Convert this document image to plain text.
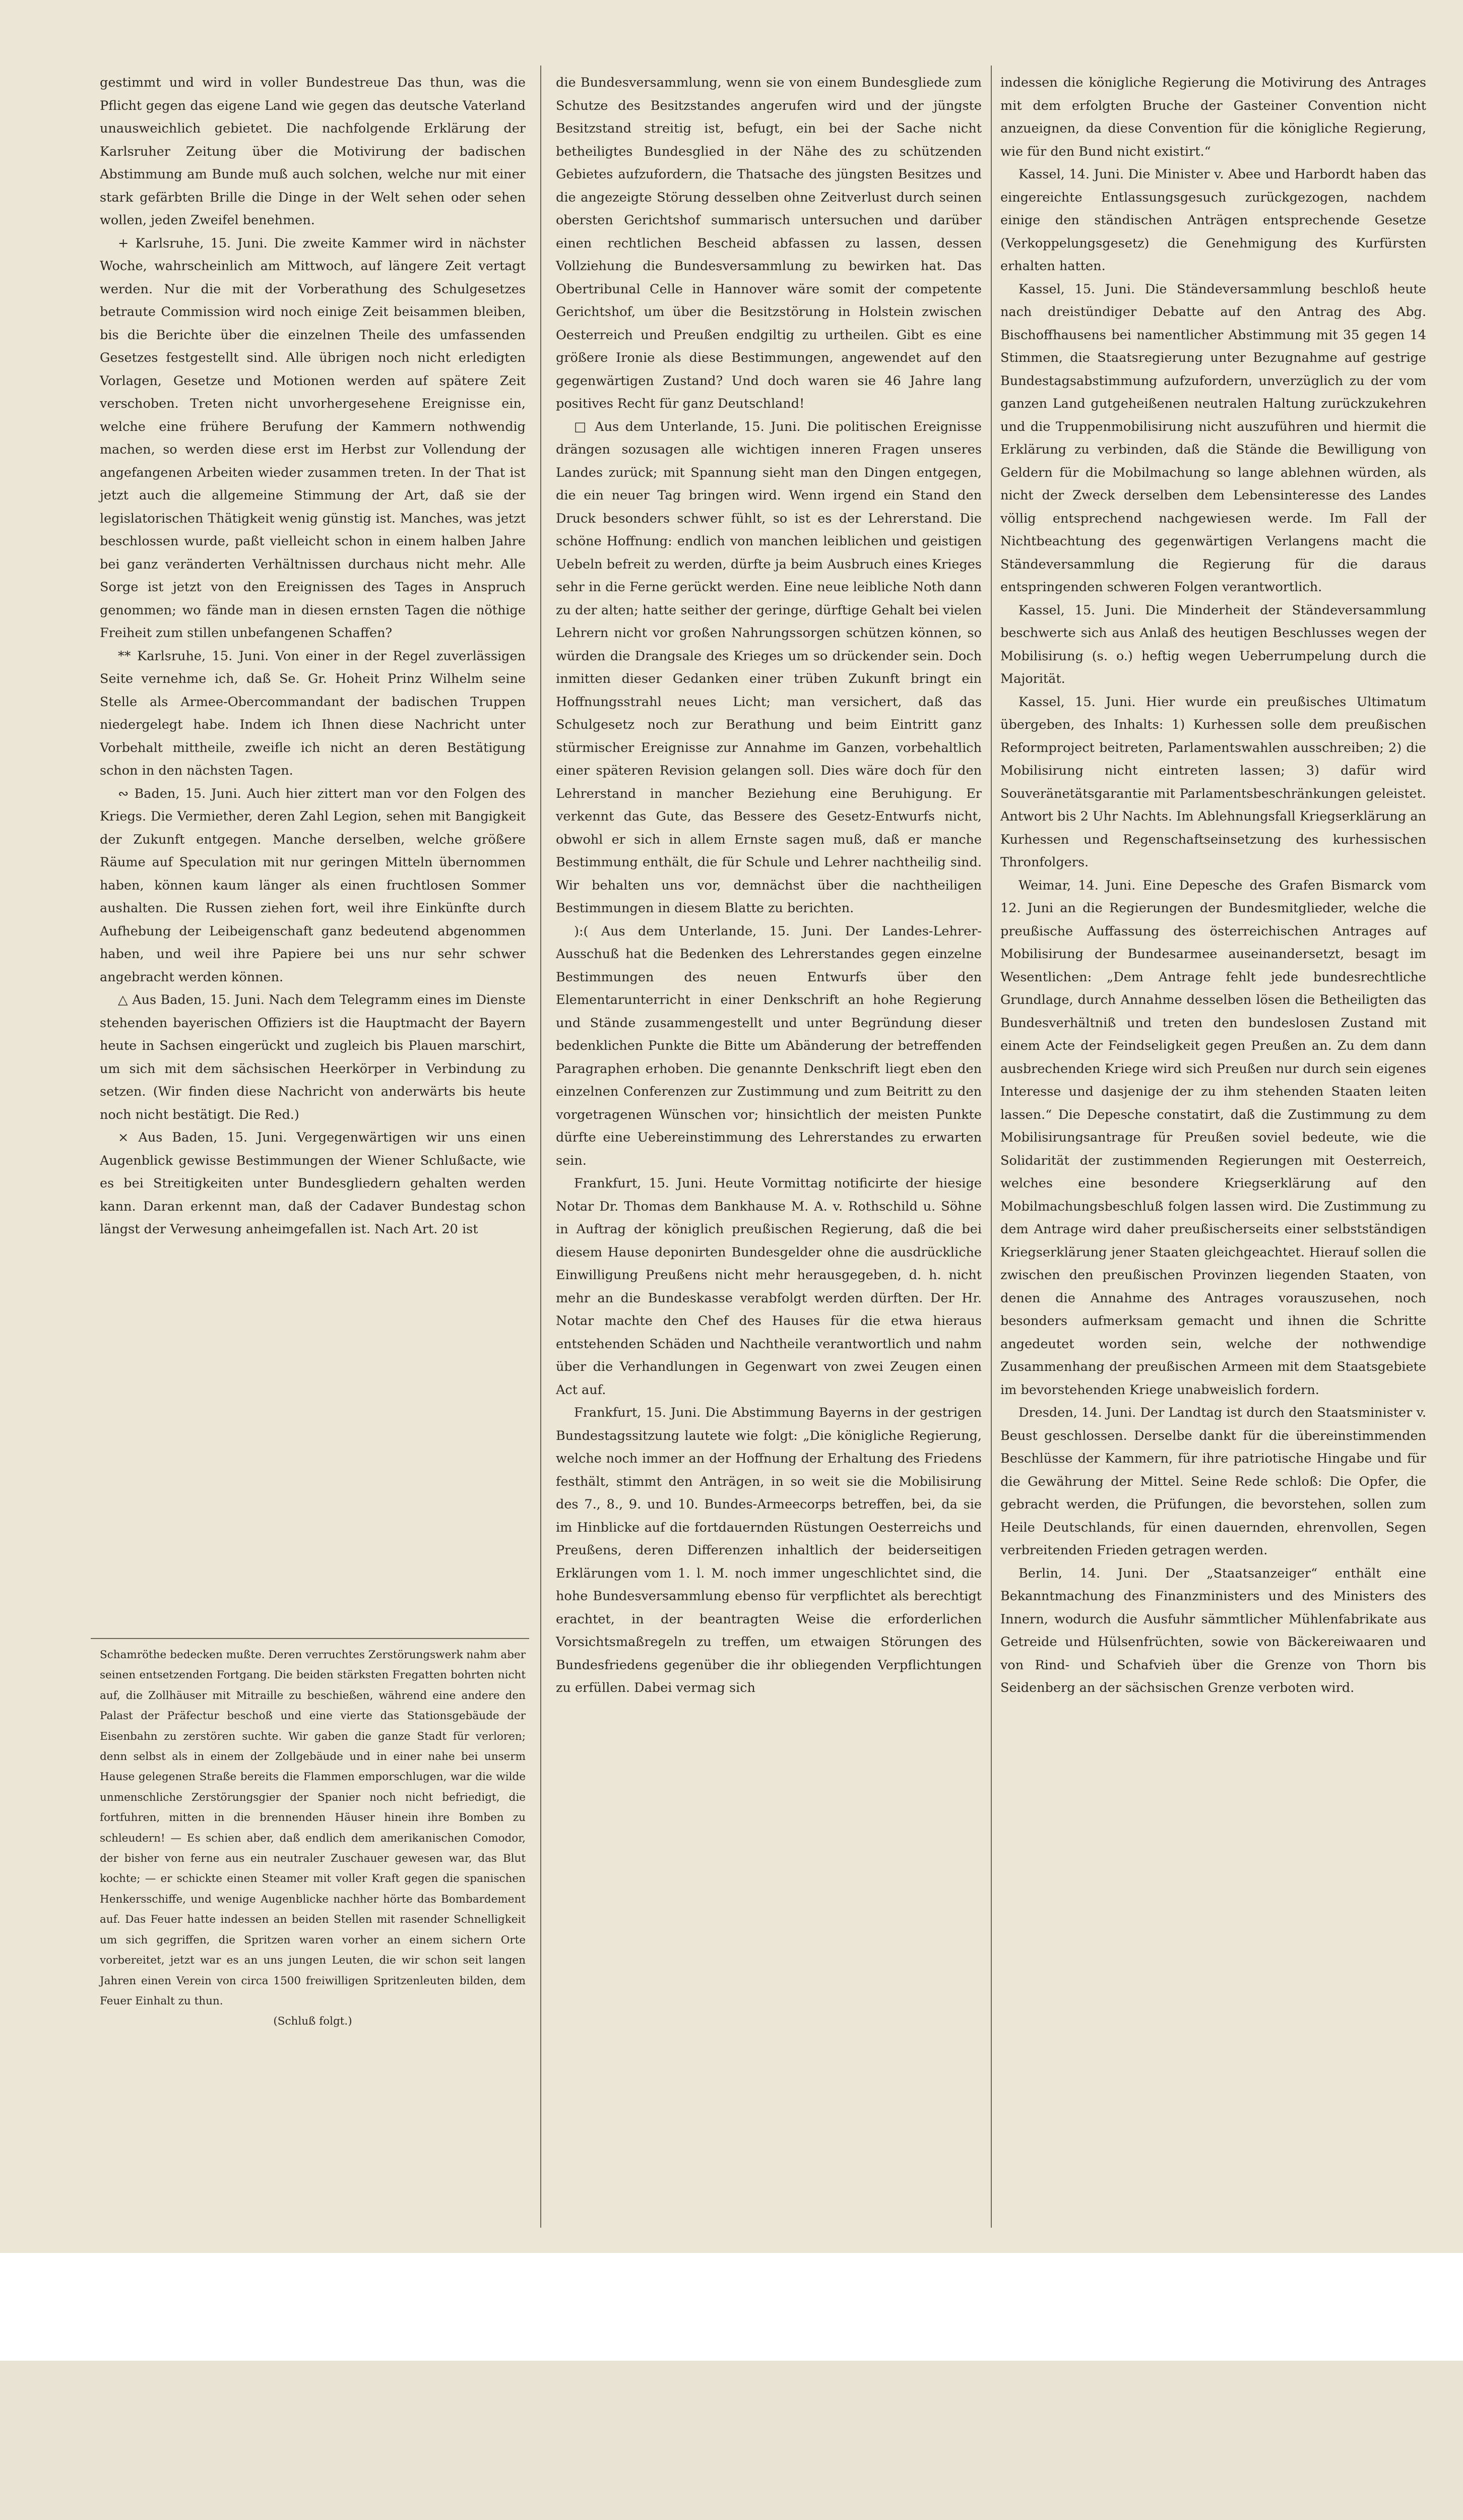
gestimmt und wird in voller Bundestreue Das thun, was die Pflicht gegen das eigene Land wie gegen das deutsche Vaterland unausweichlich gebietet. Die nachfolgende Erklärung der Karlsruher Zeitung über die Motivirung der badischen Abstimmung am Bunde muß auch solchen, welche nur mit einer stark gefärbten Brille die Dinge in der Welt sehen oder sehen wollen, jeden Zweifel benehmen.

+ Karlsruhe, 15. Juni. Die zweite Kammer wird in nächster Woche, wahrscheinlich am Mittwoch, auf längere Zeit vertagt werden. Nur die mit der Vorberathung des Schulgesetzes betraute Commission wird noch einige Zeit beisammen bleiben, bis die Berichte über die einzelnen Theile des umfassenden Gesetzes festgestellt sind. Alle übrigen noch nicht erledigten Vorlagen, Gesetze und Motionen werden auf spätere Zeit verschoben. Treten nicht unvorhergesehene Ereignisse ein, welche eine frühere Berufung der Kammern nothwendig machen, so werden diese erst im Herbst zur Vollendung der angefangenen Arbeiten wieder zusammen treten. In der That ist jetzt auch die allgemeine Stimmung der Art, daß sie der legislatorischen Thätigkeit wenig günstig ist. Manches, was jetzt beschlossen wurde, paßt vielleicht schon in einem halben Jahre bei ganz veränderten Verhältnissen durchaus nicht mehr. Alle Sorge ist jetzt von den Ereignissen des Tages in Anspruch genommen; wo fände man in diesen ernsten Tagen die nöthige Freiheit zum stillen unbefangenen Schaffen?

** Karlsruhe, 15. Juni. Von einer in der Regel zuverlässigen Seite vernehme ich, daß Se. Gr. Hoheit Prinz Wilhelm seine Stelle als Armee-Obercommandant der badischen Truppen niedergelegt habe. Indem ich Ihnen diese Nachricht unter Vorbehalt mittheile, zweifle ich nicht an deren Bestätigung schon in den nächsten Tagen.

∾ Baden, 15. Juni. Auch hier zittert man vor den Folgen des Kriegs. Die Vermiether, deren Zahl Legion, sehen mit Bangigkeit der Zukunft entgegen. Manche derselben, welche größere Räume auf Speculation mit nur geringen Mitteln übernommen haben, können kaum länger als einen fruchtlosen Sommer aushalten. Die Russen ziehen fort, weil ihre Einkünfte durch Aufhebung der Leibeigenschaft ganz bedeutend abgenommen haben, und weil ihre Papiere bei uns nur sehr schwer angebracht werden können.

△ Aus Baden, 15. Juni. Nach dem Telegramm eines im Dienste stehenden bayerischen Offiziers ist die Hauptmacht der Bayern heute in Sachsen eingerückt und zugleich bis Plauen marschirt, um sich mit dem sächsischen Heerkörper in Verbindung zu setzen. (Wir finden diese Nachricht von anderwärts bis heute noch nicht bestätigt. Die Red.)

× Aus Baden, 15. Juni. Vergegenwärtigen wir uns einen Augenblick gewisse Bestimmungen der Wiener Schlußacte, wie es bei Streitigkeiten unter Bundesgliedern gehalten werden kann. Daran erkennt man, daß der Cadaver Bundestag schon längst der Verwesung anheimgefallen ist. Nach Art. 20 ist

Schamröthe bedecken mußte. Deren verruchtes Zerstörungswerk nahm aber seinen entsetzenden Fortgang. Die beiden stärksten Fregatten bohrten nicht auf, die Zollhäuser mit Mitraille zu beschießen, während eine andere den Palast der Präfectur beschoß und eine vierte das Stationsgebäude der Eisenbahn zu zerstören suchte. Wir gaben die ganze Stadt für verloren; denn selbst als in einem der Zollgebäude und in einer nahe bei unserm Hause gelegenen Straße bereits die Flammen emporschlugen, war die wilde unmenschliche Zerstörungsgier der Spanier noch nicht befriedigt, die fortfuhren, mitten in die brennenden Häuser hinein ihre Bomben zu schleudern! — Es schien aber, daß endlich dem amerikanischen Comodor, der bisher von ferne aus ein neutraler Zuschauer gewesen war, das Blut kochte; — er schickte einen Steamer mit voller Kraft gegen die spanischen Henkersschiffe, und wenige Augenblicke nachher hörte das Bombardement auf. Das Feuer hatte indessen an beiden Stellen mit rasender Schnelligkeit um sich gegriffen, die Spritzen waren vorher an einem sichern Orte vorbereitet, jetzt war es an uns jungen Leuten, die wir schon seit langen Jahren einen Verein von circa 1500 freiwilligen Spritzenleuten bilden, dem Feuer Einhalt zu thun.

(Schluß folgt.)

die Bundesversammlung, wenn sie von einem Bundesgliede zum Schutze des Besitzstandes angerufen wird und der jüngste Besitzstand streitig ist, befugt, ein bei der Sache nicht betheiligtes Bundesglied in der Nähe des zu schützenden Gebietes aufzufordern, die Thatsache des jüngsten Besitzes und die angezeigte Störung desselben ohne Zeitverlust durch seinen obersten Gerichtshof summarisch untersuchen und darüber einen rechtlichen Bescheid abfassen zu lassen, dessen Vollziehung die Bundesversammlung zu bewirken hat. Das Obertribunal Celle in Hannover wäre somit der competente Gerichtshof, um über die Besitzstörung in Holstein zwischen Oesterreich und Preußen endgiltig zu urtheilen. Gibt es eine größere Ironie als diese Bestimmungen, angewendet auf den gegenwärtigen Zustand? Und doch waren sie 46 Jahre lang positives Recht für ganz Deutschland!

□ Aus dem Unterlande, 15. Juni. Die politischen Ereignisse drängen sozusagen alle wichtigen inneren Fragen unseres Landes zurück; mit Spannung sieht man den Dingen entgegen, die ein neuer Tag bringen wird. Wenn irgend ein Stand den Druck besonders schwer fühlt, so ist es der Lehrerstand. Die schöne Hoffnung: endlich von manchen leiblichen und geistigen Uebeln befreit zu werden, dürfte ja beim Ausbruch eines Krieges sehr in die Ferne gerückt werden. Eine neue leibliche Noth dann zu der alten; hatte seither der geringe, dürftige Gehalt bei vielen Lehrern nicht vor großen Nahrungssorgen schützen können, so würden die Drangsale des Krieges um so drückender sein. Doch inmitten dieser Gedanken einer trüben Zukunft bringt ein Hoffnungsstrahl neues Licht; man versichert, daß das Schulgesetz noch zur Berathung und beim Eintritt ganz stürmischer Ereignisse zur Annahme im Ganzen, vorbehaltlich einer späteren Revision gelangen soll. Dies wäre doch für den Lehrerstand in mancher Beziehung eine Beruhigung. Er verkennt das Gute, das Bessere des Gesetz-Entwurfs nicht, obwohl er sich in allem Ernste sagen muß, daß er manche Bestimmung enthält, die für Schule und Lehrer nachtheilig sind. Wir behalten uns vor, demnächst über die nachtheiligen Bestimmungen in diesem Blatte zu berichten.

):( Aus dem Unterlande, 15. Juni. Der Landes-Lehrer-Ausschuß hat die Bedenken des Lehrerstandes gegen einzelne Bestimmungen des neuen Entwurfs über den Elementarunterricht in einer Denkschrift an hohe Regierung und Stände zusammengestellt und unter Begründung dieser bedenklichen Punkte die Bitte um Abänderung der betreffenden Paragraphen erhoben. Die genannte Denkschrift liegt eben den einzelnen Conferenzen zur Zustimmung und zum Beitritt zu den vorgetragenen Wünschen vor; hinsichtlich der meisten Punkte dürfte eine Uebereinstimmung des Lehrerstandes zu erwarten sein.

Frankfurt, 15. Juni. Heute Vormittag notificirte der hiesige Notar Dr. Thomas dem Bankhause M. A. v. Rothschild u. Söhne in Auftrag der königlich preußischen Regierung, daß die bei diesem Hause deponirten Bundesgelder ohne die ausdrückliche Einwilligung Preußens nicht mehr herausgegeben, d. h. nicht mehr an die Bundeskasse verabfolgt werden dürften. Der Hr. Notar machte den Chef des Hauses für die etwa hieraus entstehenden Schäden und Nachtheile verantwortlich und nahm über die Verhandlungen in Gegenwart von zwei Zeugen einen Act auf.

Frankfurt, 15. Juni. Die Abstimmung Bayerns in der gestrigen Bundestagssitzung lautete wie folgt: „Die königliche Regierung, welche noch immer an der Hoffnung der Erhaltung des Friedens festhält, stimmt den Anträgen, in so weit sie die Mobilisirung des 7., 8., 9. und 10. Bundes-Armeecorps betreffen, bei, da sie im Hinblicke auf die fortdauernden Rüstungen Oesterreichs und Preußens, deren Differenzen inhaltlich der beiderseitigen Erklärungen vom 1. l. M. noch immer ungeschlichtet sind, die hohe Bundesversammlung ebenso für verpflichtet als berechtigt erachtet, in der beantragten Weise die erforderlichen Vorsichtsmaßregeln zu treffen, um etwaigen Störungen des Bundesfriedens gegenüber die ihr obliegenden Verpflichtungen zu erfüllen. Dabei vermag sich

indessen die königliche Regierung die Motivirung des Antrages mit dem erfolgten Bruche der Gasteiner Convention nicht anzueignen, da diese Convention für die königliche Regierung, wie für den Bund nicht existirt.“

Kassel, 14. Juni. Die Minister v. Abee und Harbordt haben das eingereichte Entlassungsgesuch zurückgezogen, nachdem einige den ständischen Anträgen entsprechende Gesetze (Verkoppelungsgesetz) die Genehmigung des Kurfürsten erhalten hatten.

Kassel, 15. Juni. Die Ständeversammlung beschloß heute nach dreistündiger Debatte auf den Antrag des Abg. Bischoffhausens bei namentlicher Abstimmung mit 35 gegen 14 Stimmen, die Staatsregierung unter Bezugnahme auf gestrige Bundestagsabstimmung aufzufordern, unverzüglich zu der vom ganzen Land gutgeheißenen neutralen Haltung zurückzukehren und die Truppenmobilisirung nicht auszuführen und hiermit die Erklärung zu verbinden, daß die Stände die Bewilligung von Geldern für die Mobilmachung so lange ablehnen würden, als nicht der Zweck derselben dem Lebensinteresse des Landes völlig entsprechend nachgewiesen werde. Im Fall der Nichtbeachtung des gegenwärtigen Verlangens macht die Ständeversammlung die Regierung für die daraus entspringenden schweren Folgen verantwortlich.

Kassel, 15. Juni. Die Minderheit der Ständeversammlung beschwerte sich aus Anlaß des heutigen Beschlusses wegen der Mobilisirung (s. o.) heftig wegen Ueberrumpelung durch die Majorität.

Kassel, 15. Juni. Hier wurde ein preußisches Ultimatum übergeben, des Inhalts: 1) Kurhessen solle dem preußischen Reformproject beitreten, Parlamentswahlen ausschreiben; 2) die Mobilisirung nicht eintreten lassen; 3) dafür wird Souveränetätsgarantie mit Parlamentsbeschränkungen geleistet. Antwort bis 2 Uhr Nachts. Im Ablehnungsfall Kriegserklärung an Kurhessen und Regenschaftseinsetzung des kurhessischen Thronfolgers.

Weimar, 14. Juni. Eine Depesche des Grafen Bismarck vom 12. Juni an die Regierungen der Bundesmitglieder, welche die preußische Auffassung des österreichischen Antrages auf Mobilisirung der Bundesarmee auseinandersetzt, besagt im Wesentlichen: „Dem Antrage fehlt jede bundesrechtliche Grundlage, durch Annahme desselben lösen die Betheiligten das Bundesverhältniß und treten den bundeslosen Zustand mit einem Acte der Feindseligkeit gegen Preußen an. Zu dem dann ausbrechenden Kriege wird sich Preußen nur durch sein eigenes Interesse und dasjenige der zu ihm stehenden Staaten leiten lassen.“ Die Depesche constatirt, daß die Zustimmung zu dem Mobilisirungsantrage für Preußen soviel bedeute, wie die Solidarität der zustimmenden Regierungen mit Oesterreich, welches eine besondere Kriegserklärung auf den Mobilmachungsbeschluß folgen lassen wird. Die Zustimmung zu dem Antrage wird daher preußischerseits einer selbstständigen Kriegserklärung jener Staaten gleichgeachtet. Hierauf sollen die zwischen den preußischen Provinzen liegenden Staaten, von denen die Annahme des Antrages vorauszusehen, noch besonders aufmerksam gemacht und ihnen die Schritte angedeutet worden sein, welche der nothwendige Zusammenhang der preußischen Armeen mit dem Staatsgebiete im bevorstehenden Kriege unabweislich fordern.

Dresden, 14. Juni. Der Landtag ist durch den Staatsminister v. Beust geschlossen. Derselbe dankt für die übereinstimmenden Beschlüsse der Kammern, für ihre patriotische Hingabe und für die Gewährung der Mittel. Seine Rede schloß: Die Opfer, die gebracht werden, die Prüfungen, die bevorstehen, sollen zum Heile Deutschlands, für einen dauernden, ehrenvollen, Segen verbreitenden Frieden getragen werden.

Berlin, 14. Juni. Der „Staatsanzeiger“ enthält eine Bekanntmachung des Finanzministers und des Ministers des Innern, wodurch die Ausfuhr sämmtlicher Mühlenfabrikate aus Getreide und Hülsenfrüchten, sowie von Bäckereiwaaren und von Rind- und Schafvieh über die Grenze von Thorn bis Seidenberg an der sächsischen Grenze verboten wird.
